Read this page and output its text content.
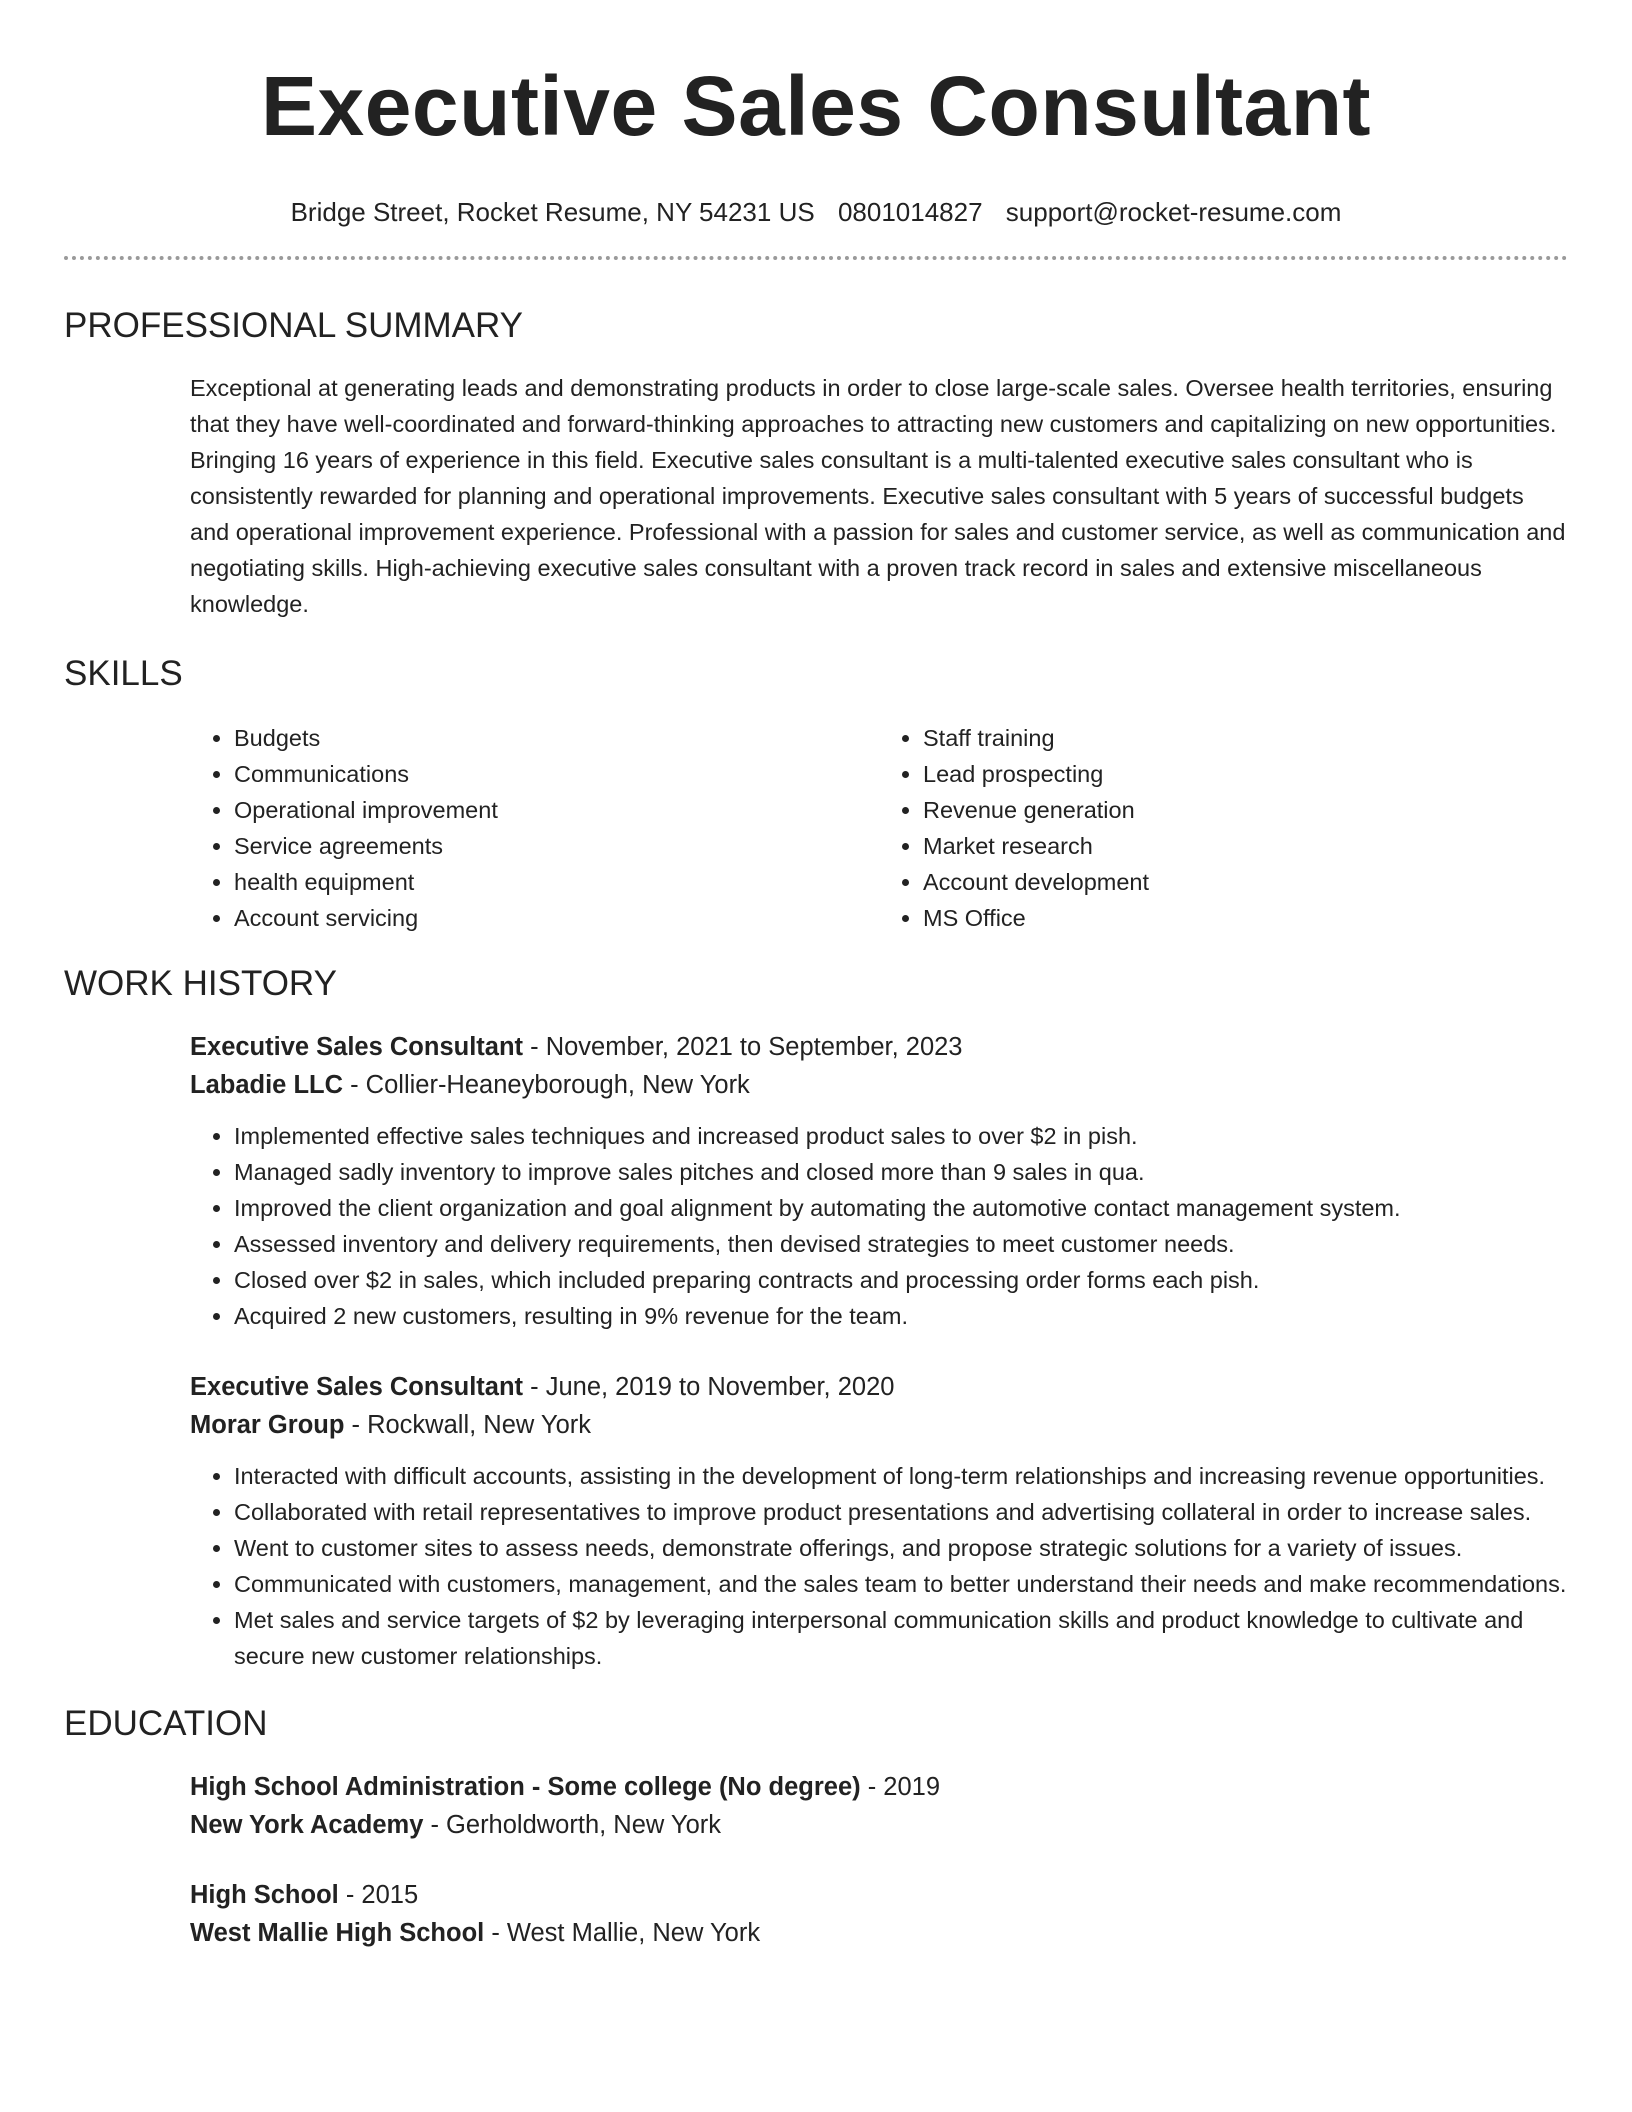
Executive Sales Consultant
Bridge Street, Rocket Resume, NY 54231 US 0801014827 support@rocket-resume.com
PROFESSIONAL SUMMARY

Exceptional at generating leads and demonstrating products in order to close large-scale sales. Oversee health territories, ensuring that they have well-coordinated and forward-thinking approaches to attracting new customers and capitalizing on new opportunities. Bringing 16 years of experience in this field. Executive sales consultant is a multi-talented executive sales consultant who is consistently rewarded for planning and operational improvements. Executive sales consultant with 5 years of successful budgets and operational improvement experience. Professional with a passion for sales and customer service, as well as communication and negotiating skills. High-achieving executive sales consultant with a proven track record in sales and extensive miscellaneous knowledge.

SKILLS
• Budgets
• Communications
• Operational improvement
• Service agreements
• health equipment
• Account servicing
• Staff training
• Lead prospecting
• Revenue generation
• Market research
• Account development
• MS Office
WORK HISTORY
Executive Sales Consultant - November, 2021 to September, 2023
Labadie LLC - Collier-Heaneyborough, New York
• Implemented effective sales techniques and increased product sales to over $2 in pish.
• Managed sadly inventory to improve sales pitches and closed more than 9 sales in qua.
• Improved the client organization and goal alignment by automating the automotive contact management system.
• Assessed inventory and delivery requirements, then devised strategies to meet customer needs.
• Closed over $2 in sales, which included preparing contracts and processing order forms each pish.
• Acquired 2 new customers, resulting in 9% revenue for the team.
Executive Sales Consultant - June, 2019 to November, 2020
Morar Group - Rockwall, New York
• Interacted with difficult accounts, assisting in the development of long-term relationships and increasing revenue opportunities.
• Collaborated with retail representatives to improve product presentations and advertising collateral in order to increase sales.
• Went to customer sites to assess needs, demonstrate offerings, and propose strategic solutions for a variety of issues.
• Communicated with customers, management, and the sales team to better understand their needs and make recommendations.
• Met sales and service targets of $2 by leveraging interpersonal communication skills and product knowledge to cultivate and secure new customer relationships.
EDUCATION
High School Administration - Some college (No degree) - 2019
New York Academy - Gerholdworth, New York
High School - 2015
West Mallie High School - West Mallie, New York
